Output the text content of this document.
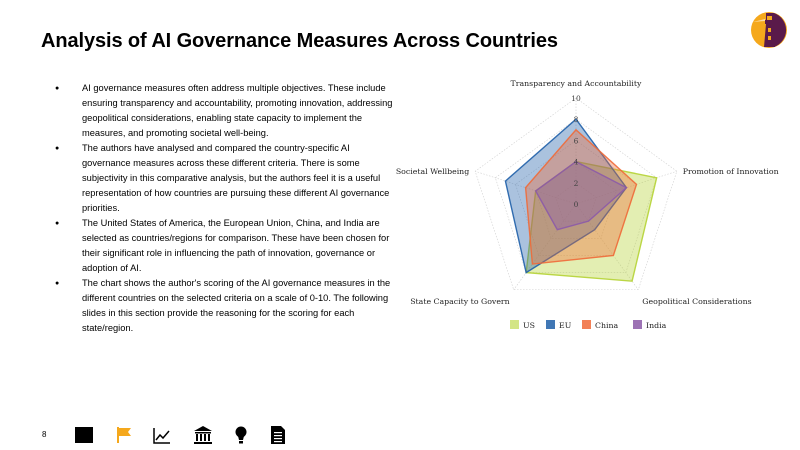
Analysis of AI Governance Measures Across Countries
● AI governance measures often address multiple objectives. These include ensuring transparency and accountability, promoting innovation, addressing geopolitical considerations, enabling state capacity to implement the measures, and promoting societal well-being.
● The authors have analysed and compared the country-specific AI governance measures across these different criteria. There is some subjectivity in this comparative analysis, but the authors feel it is a useful representation of how countries are pursuing these different AI governance priorities.
● The United States of America, the European Union, China, and India are selected as countries/regions for comparison. These have been chosen for their significant role in influencing the path of innovation, governance or adoption of AI.
● The chart shows the author's scoring of the AI governance measures in the different countries on the selected criteria on a scale of 0-10. The following slides in this section provide the reasoning for the scoring for each state/region.
0
2
4
6
8
10
Transparency and Accountability
Promotion of Innovation
Geopolitical Considerations
State Capacity to Govern
Societal Wellbeing
US	EU	China	India
8
